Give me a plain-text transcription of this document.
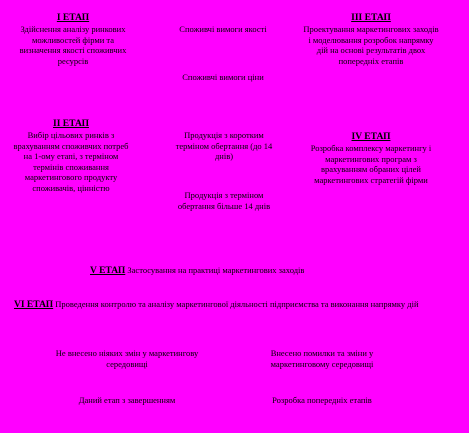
І ЕТАП
Здійснення аналізу ринкових можливостей фірми та визначення якості споживчих ресурсів
Споживчі вимоги якості
Споживчі вимоги ціни
ІІІ ЕТАП
Проектування маркетингових заходів і моделювання розробок напрямку дій на основі результатів двох попередніх етапів
ІІ ЕТАП
Вибір цільових ринків з врахуванням споживчих потреб на 1-ому етапі, з терміном термінів споживання маркетингового продукту споживачів, цінністю
Продукція з коротким терміном обертання (до 14 днів)
Продукція з терміном обертання більше 14 днів
IV ЕТАП
Розробка комплексу маркетингу і маркетингових програм з врахуванням обраних цілей маркетингових стратегій фірми
V ЕТАП Застосування на практиці маркетингових заходів
VI ЕТАП Проведення контролю та аналізу маркетингової діяльності підприємства та виконання напрямку дій
Не внесено ніяких змін у маркетингову середовищі
Внесено помилки та зміни у маркетинговому середовищі
Даний етап з завершенням	Розробка попередніх етапів
